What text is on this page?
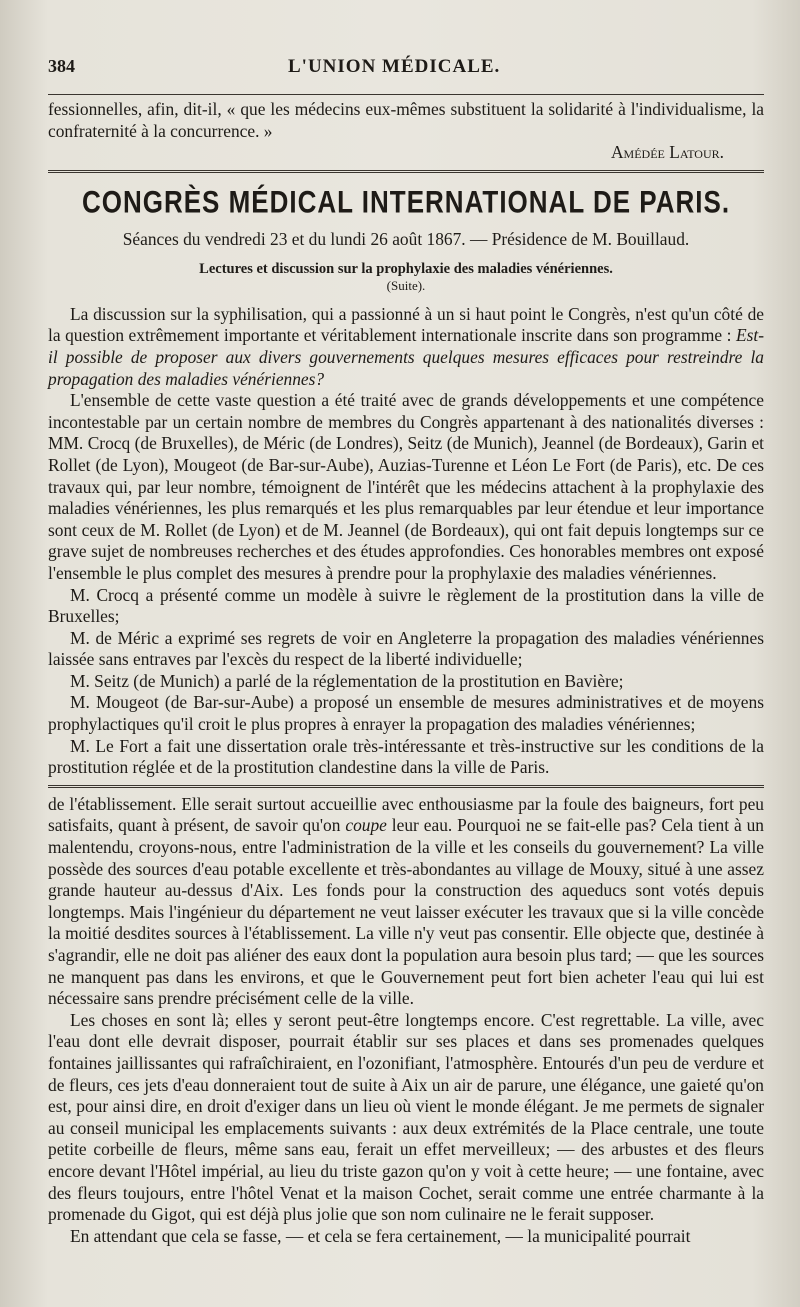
384	L'UNION MÉDICALE.

fessionnelles, afin, dit-il, « que les médecins eux-mêmes substituent la solidarité à l'individualisme, la confraternité à la concurrence. »

Amédée Latour.
CONGRÈS MÉDICAL INTERNATIONAL DE PARIS.
Séances du vendredi 23 et du lundi 26 août 1867. — Présidence de M. Bouillaud.
Lectures et discussion sur la prophylaxie des maladies vénériennes.
(Suite).

La discussion sur la syphilisation, qui a passionné à un si haut point le Congrès, n'est qu'un côté de la question extrêmement importante et véritablement internationale inscrite dans son programme : Est-il possible de proposer aux divers gouvernements quelques mesures efficaces pour restreindre la propagation des maladies vénériennes?

L'ensemble de cette vaste question a été traité avec de grands développements et une compétence incontestable par un certain nombre de membres du Congrès appartenant à des nationalités diverses : MM. Crocq (de Bruxelles), de Méric (de Londres), Seitz (de Munich), Jeannel (de Bordeaux), Garin et Rollet (de Lyon), Mougeot (de Bar-sur-Aube), Auzias-Turenne et Léon Le Fort (de Paris), etc. De ces travaux qui, par leur nombre, témoignent de l'intérêt que les médecins attachent à la prophylaxie des maladies vénériennes, les plus remarqués et les plus remarquables par leur étendue et leur importance sont ceux de M. Rollet (de Lyon) et de M. Jeannel (de Bordeaux), qui ont fait depuis longtemps sur ce grave sujet de nombreuses recherches et des études approfondies. Ces honorables membres ont exposé l'ensemble le plus complet des mesures à prendre pour la prophylaxie des maladies vénériennes.

M. Crocq a présenté comme un modèle à suivre le règlement de la prostitution dans la ville de Bruxelles;

M. de Méric a exprimé ses regrets de voir en Angleterre la propagation des maladies vénériennes laissée sans entraves par l'excès du respect de la liberté individuelle;

M. Seitz (de Munich) a parlé de la réglementation de la prostitution en Bavière;

M. Mougeot (de Bar-sur-Aube) a proposé un ensemble de mesures administratives et de moyens prophylactiques qu'il croit le plus propres à enrayer la propagation des maladies vénériennes;

M. Le Fort a fait une dissertation orale très-intéressante et très-instructive sur les conditions de la prostitution réglée et de la prostitution clandestine dans la ville de Paris.

de l'établissement. Elle serait surtout accueillie avec enthousiasme par la foule des baigneurs, fort peu satisfaits, quant à présent, de savoir qu'on coupe leur eau. Pourquoi ne se fait-elle pas? Cela tient à un malentendu, croyons-nous, entre l'administration de la ville et les conseils du gouvernement? La ville possède des sources d'eau potable excellente et très-abondantes au village de Mouxy, situé à une assez grande hauteur au-dessus d'Aix. Les fonds pour la construction des aqueducs sont votés depuis longtemps. Mais l'ingénieur du département ne veut laisser exécuter les travaux que si la ville concède la moitié desdites sources à l'établissement. La ville n'y veut pas consentir. Elle objecte que, destinée à s'agrandir, elle ne doit pas aliéner des eaux dont la population aura besoin plus tard; — que les sources ne manquent pas dans les environs, et que le Gouvernement peut fort bien acheter l'eau qui lui est nécessaire sans prendre précisément celle de la ville.

Les choses en sont là; elles y seront peut-être longtemps encore. C'est regrettable. La ville, avec l'eau dont elle devrait disposer, pourrait établir sur ses places et dans ses promenades quelques fontaines jaillissantes qui rafraîchiraient, en l'ozonifiant, l'atmosphère. Entourés d'un peu de verdure et de fleurs, ces jets d'eau donneraient tout de suite à Aix un air de parure, une élégance, une gaieté qu'on est, pour ainsi dire, en droit d'exiger dans un lieu où vient le monde élégant. Je me permets de signaler au conseil municipal les emplacements suivants : aux deux extrémités de la Place centrale, une toute petite corbeille de fleurs, même sans eau, ferait un effet merveilleux; — des arbustes et des fleurs encore devant l'Hôtel impérial, au lieu du triste gazon qu'on y voit à cette heure; — une fontaine, avec des fleurs toujours, entre l'hôtel Venat et la maison Cochet, serait comme une entrée charmante à la promenade du Gigot, qui est déjà plus jolie que son nom culinaire ne le ferait supposer.

En attendant que cela se fasse, — et cela se fera certainement, — la municipalité pourrait
